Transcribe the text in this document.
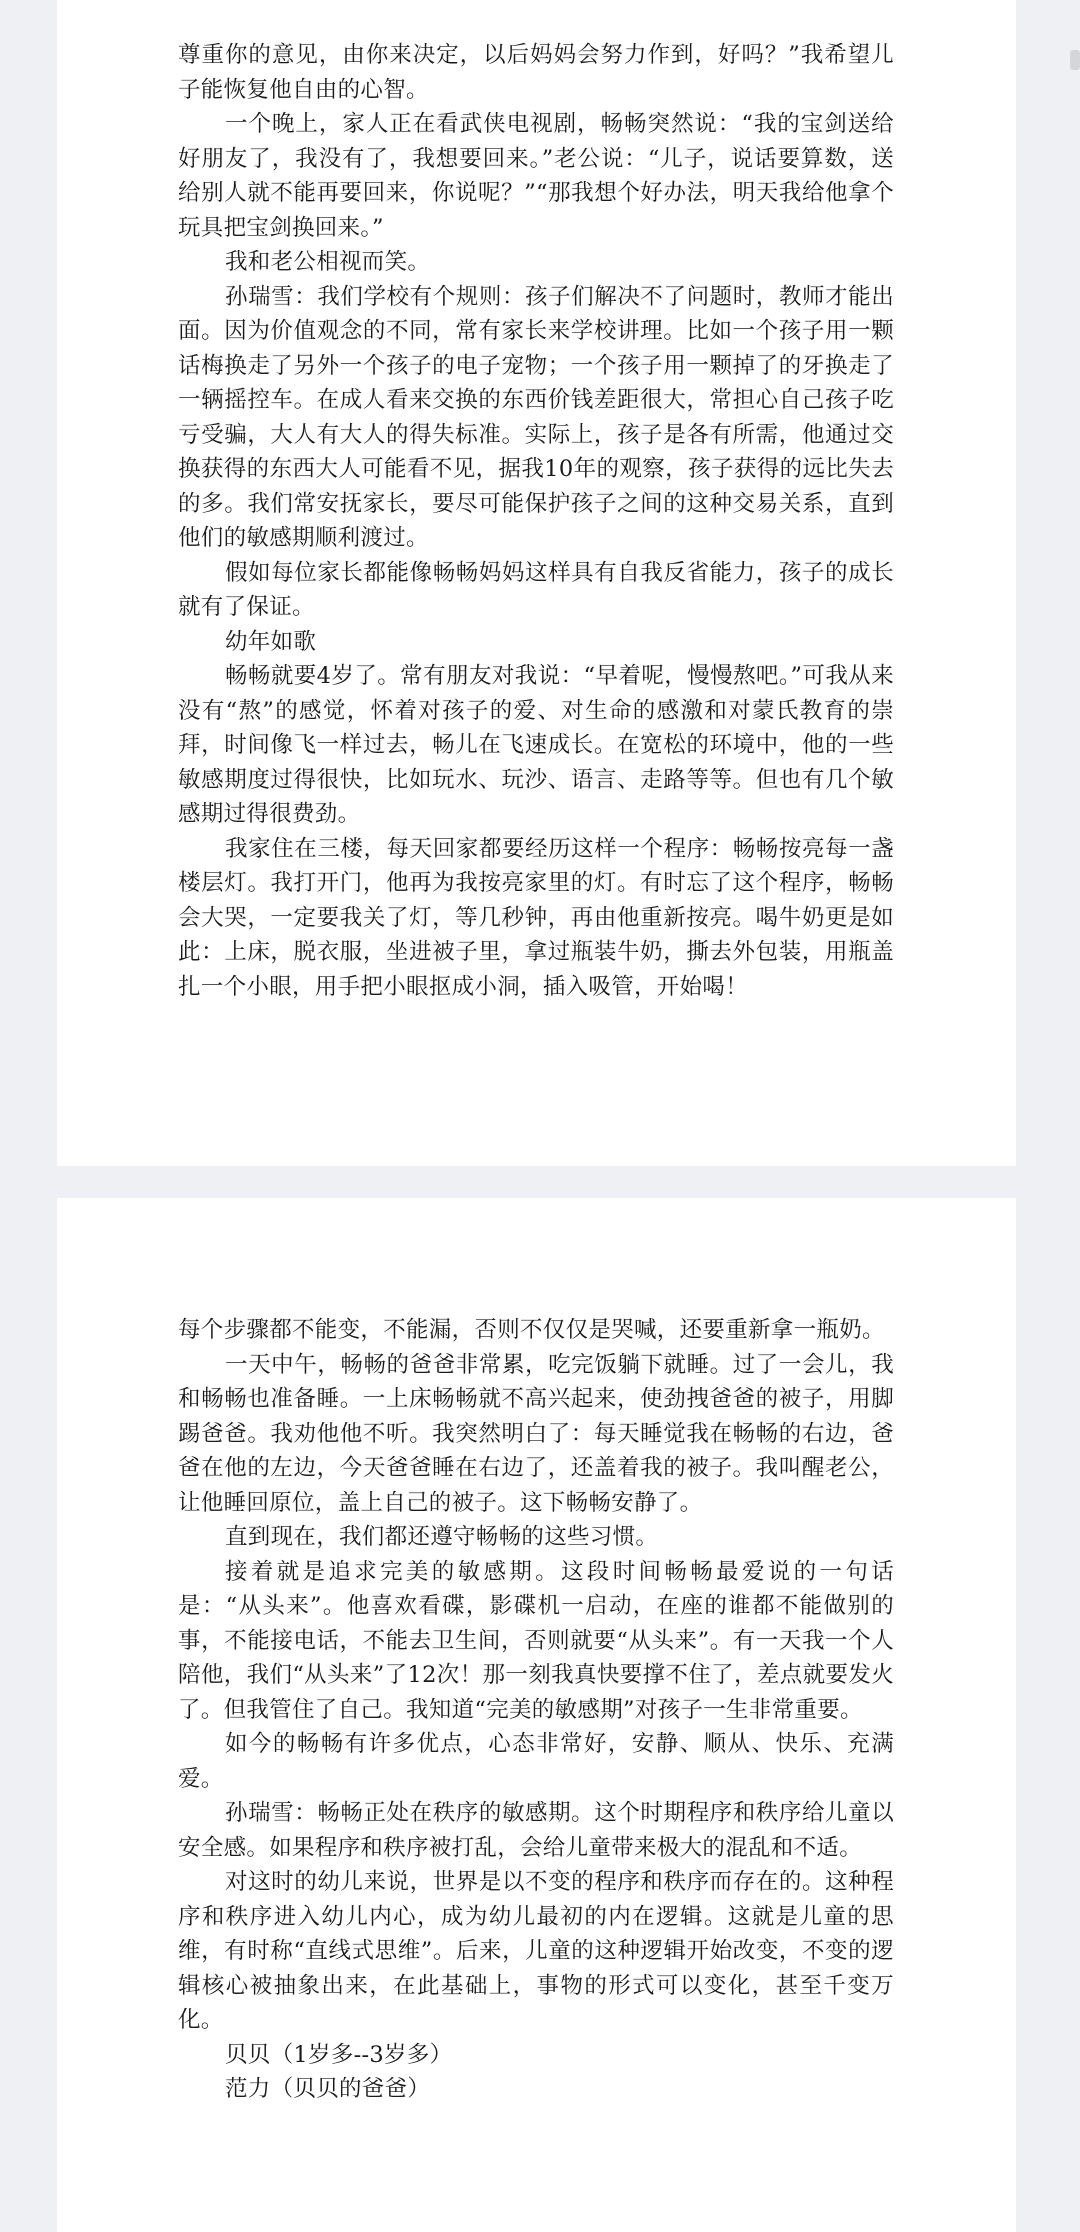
尊重你的意见，由你来决定，以后妈妈会努力作到，好吗？”我希望儿子能恢复他自由的心智。

一个晚上，家人正在看武侠电视剧，畅畅突然说：“我的宝剑送给好朋友了，我没有了，我想要回来。”老公说：“儿子，说话要算数，送给别人就不能再要回来，你说呢？”“那我想个好办法，明天我给他拿个玩具把宝剑换回来。”

我和老公相视而笑。

孙瑞雪：我们学校有个规则：孩子们解决不了问题时，教师才能出面。因为价值观念的不同，常有家长来学校讲理。比如一个孩子用一颗话梅换走了另外一个孩子的电子宠物；一个孩子用一颗掉了的牙换走了一辆摇控车。在成人看来交换的东西价钱差距很大，常担心自己孩子吃亏受骗，大人有大人的得失标准。实际上，孩子是各有所需，他通过交换获得的东西大人可能看不见，据我10年的观察，孩子获得的远比失去的多。我们常安抚家长，要尽可能保护孩子之间的这种交易关系，直到他们的敏感期顺利渡过。

假如每位家长都能像畅畅妈妈这样具有自我反省能力，孩子的成长就有了保证。

幼年如歌

畅畅就要4岁了。常有朋友对我说：“早着呢，慢慢熬吧。”可我从来没有“熬”的感觉，怀着对孩子的爱、对生命的感激和对蒙氏教育的崇拜，时间像飞一样过去，畅儿在飞速成长。在宽松的环境中，他的一些敏感期度过得很快，比如玩水、玩沙、语言、走路等等。但也有几个敏感期过得很费劲。

我家住在三楼，每天回家都要经历这样一个程序：畅畅按亮每一盏楼层灯。我打开门，他再为我按亮家里的灯。有时忘了这个程序，畅畅会大哭，一定要我关了灯，等几秒钟，再由他重新按亮。喝牛奶更是如此：上床，脱衣服，坐进被子里，拿过瓶装牛奶，撕去外包装，用瓶盖扎一个小眼，用手把小眼抠成小洞，插入吸管，开始喝！

每个步骤都不能变，不能漏，否则不仅仅是哭喊，还要重新拿一瓶奶。

一天中午，畅畅的爸爸非常累，吃完饭躺下就睡。过了一会儿，我和畅畅也准备睡。一上床畅畅就不高兴起来，使劲拽爸爸的被子，用脚踢爸爸。我劝他他不听。我突然明白了：每天睡觉我在畅畅的右边，爸爸在他的左边，今天爸爸睡在右边了，还盖着我的被子。我叫醒老公，让他睡回原位，盖上自己的被子。这下畅畅安静了。

直到现在，我们都还遵守畅畅的这些习惯。

接着就是追求完美的敏感期。这段时间畅畅最爱说的一句话是：“从头来”。他喜欢看碟，影碟机一启动，在座的谁都不能做别的事，不能接电话，不能去卫生间，否则就要“从头来”。有一天我一个人陪他，我们“从头来”了12次！那一刻我真快要撑不住了，差点就要发火了。但我管住了自己。我知道“完美的敏感期”对孩子一生非常重要。

如今的畅畅有许多优点，心态非常好，安静、顺从、快乐、充满爱。

孙瑞雪：畅畅正处在秩序的敏感期。这个时期程序和秩序给儿童以安全感。如果程序和秩序被打乱，会给儿童带来极大的混乱和不适。

对这时的幼儿来说，世界是以不变的程序和秩序而存在的。这种程序和秩序进入幼儿内心，成为幼儿最初的内在逻辑。这就是儿童的思维，有时称“直线式思维”。后来，儿童的这种逻辑开始改变，不变的逻辑核心被抽象出来，在此基础上，事物的形式可以变化，甚至千变万化。

贝贝（1岁多--3岁多）

范力（贝贝的爸爸）
